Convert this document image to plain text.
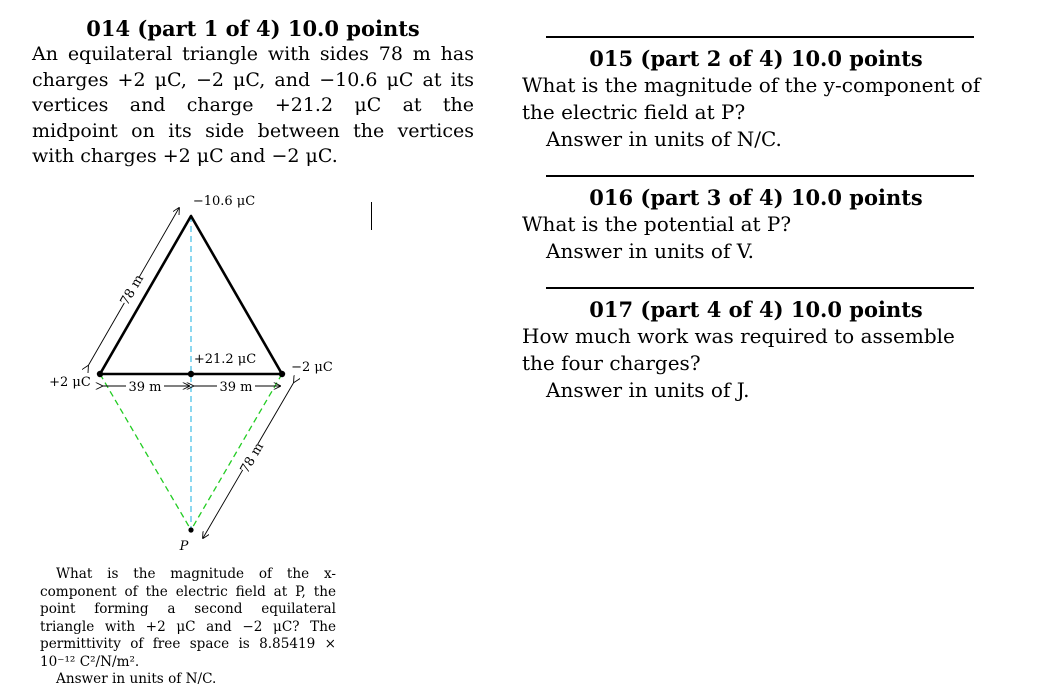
014 (part 1 of 4) 10.0 points
An equilateral triangle with sides 78 m has charges +2 μC, −2 μC, and −10.6 μC at its vertices and charge +21.2 μC at the midpoint on its side between the vertices with charges +2 μC and −2 μC.
78 m
78 m
39 m	39 m
−10.6 μC
+2 μC
−2 μC
+21.2 μC
P
What is the magnitude of the x-component of the electric field at P, the point forming a second equilateral triangle with +2 μC and −2 μC? The permittivity of free space is 8.85419 × 10⁻¹² C²/N/m².
Answer in units of N/C.
015 (part 2 of 4) 10.0 points
What is the magnitude of the y-component of the electric field at P?
Answer in units of N/C.
016 (part 3 of 4) 10.0 points
What is the potential at P?
Answer in units of V.
017 (part 4 of 4) 10.0 points
How much work was required to assemble the four charges?
Answer in units of J.
